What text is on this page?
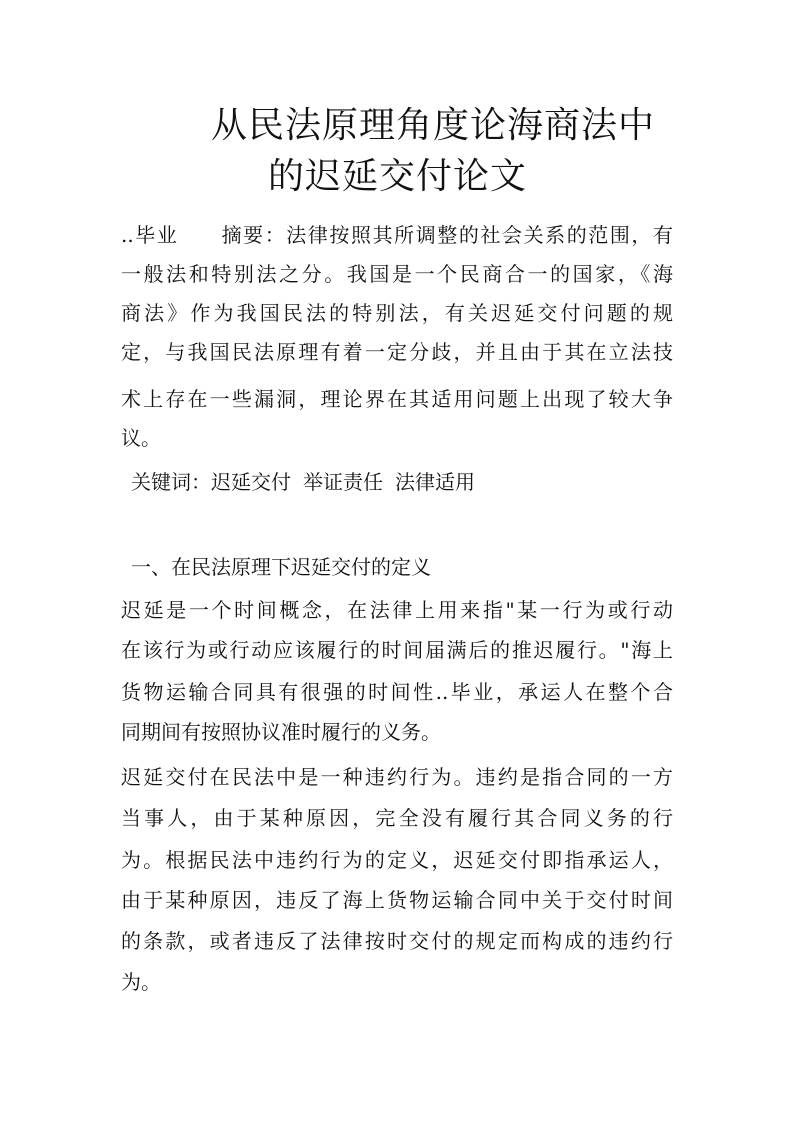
从民法原理角度论海商法中
的迟延交付论文
..毕业　　摘要：法律按照其所调整的社会关系的范围，有
一般法和特别法之分。我国是一个民商合一的国家，《海
商法》作为我国民法的特别法，有关迟延交付问题的规
定，与我国民法原理有着一定分歧，并且由于其在立法技
术上存在一些漏洞，理论界在其适用问题上出现了较大争
议。
关键词：迟延交付 举证责任 法律适用
一、在民法原理下迟延交付的定义
迟延是一个时间概念，在法律上用来指"某一行为或行动
在该行为或行动应该履行的时间届满后的推迟履行。"海上
货物运输合同具有很强的时间性..毕业，承运人在整个合
同期间有按照协议准时履行的义务。
迟延交付在民法中是一种违约行为。违约是指合同的一方
当事人，由于某种原因，完全没有履行其合同义务的行
为。根据民法中违约行为的定义，迟延交付即指承运人，
由于某种原因，违反了海上货物运输合同中关于交付时间
的条款，或者违反了法律按时交付的规定而构成的违约行
为。
